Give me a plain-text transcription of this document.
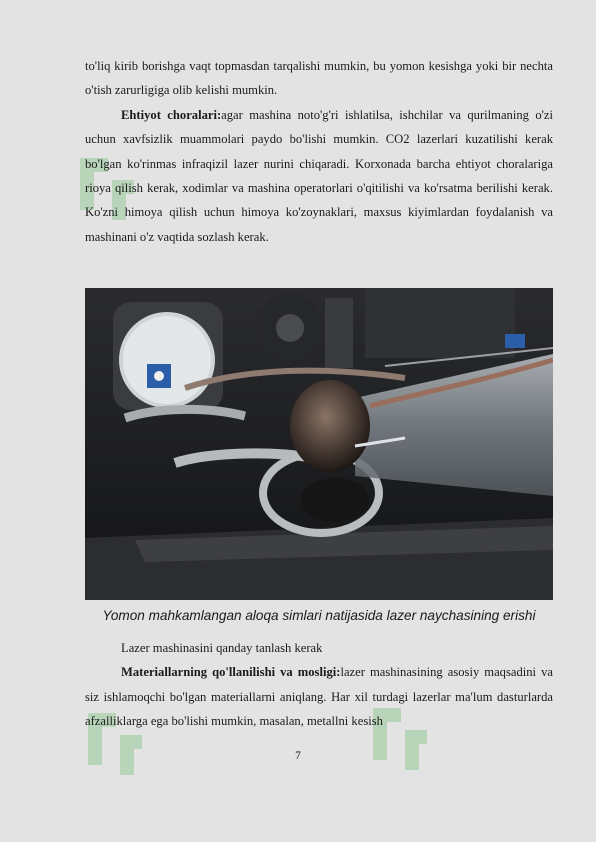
to'liq kirib borishga vaqt topmasdan tarqalishi mumkin, bu yomon kesishga yoki bir nechta o'tish zarurligiga olib kelishi mumkin.

Ehtiyot choralari:agar mashina noto'g'ri ishlatilsa, ishchilar va qurilmaning o'zi uchun xavfsizlik muammolari paydo bo'lishi mumkin. CO2 lazerlari kuzatilishi kerak bo'lgan ko'rinmas infraqizil lazer nurini chiqaradi. Korxonada barcha ehtiyot choralariga rioya qilish kerak, xodimlar va mashina operatorlari o'qitilishi va ko'rsatma berilishi kerak. Ko'zni himoya qilish uchun himoya ko'zoynaklari, maxsus kiyimlardan foydalanish va mashinani o'z vaqtida sozlash kerak.

Yomon mahkamlangan aloqa simlari natijasida lazer naychasining erishi

Lazer mashinasini qanday tanlash kerak

Materiallarning qo'llanilishi va mosligi:lazer mashinasining asosiy maqsadini va siz ishlamoqchi bo'lgan materiallarni aniqlang. Har xil turdagi lazerlar ma'lum dasturlarda afzalliklarga ega bo'lishi mumkin, masalan, metallni kesish

7
